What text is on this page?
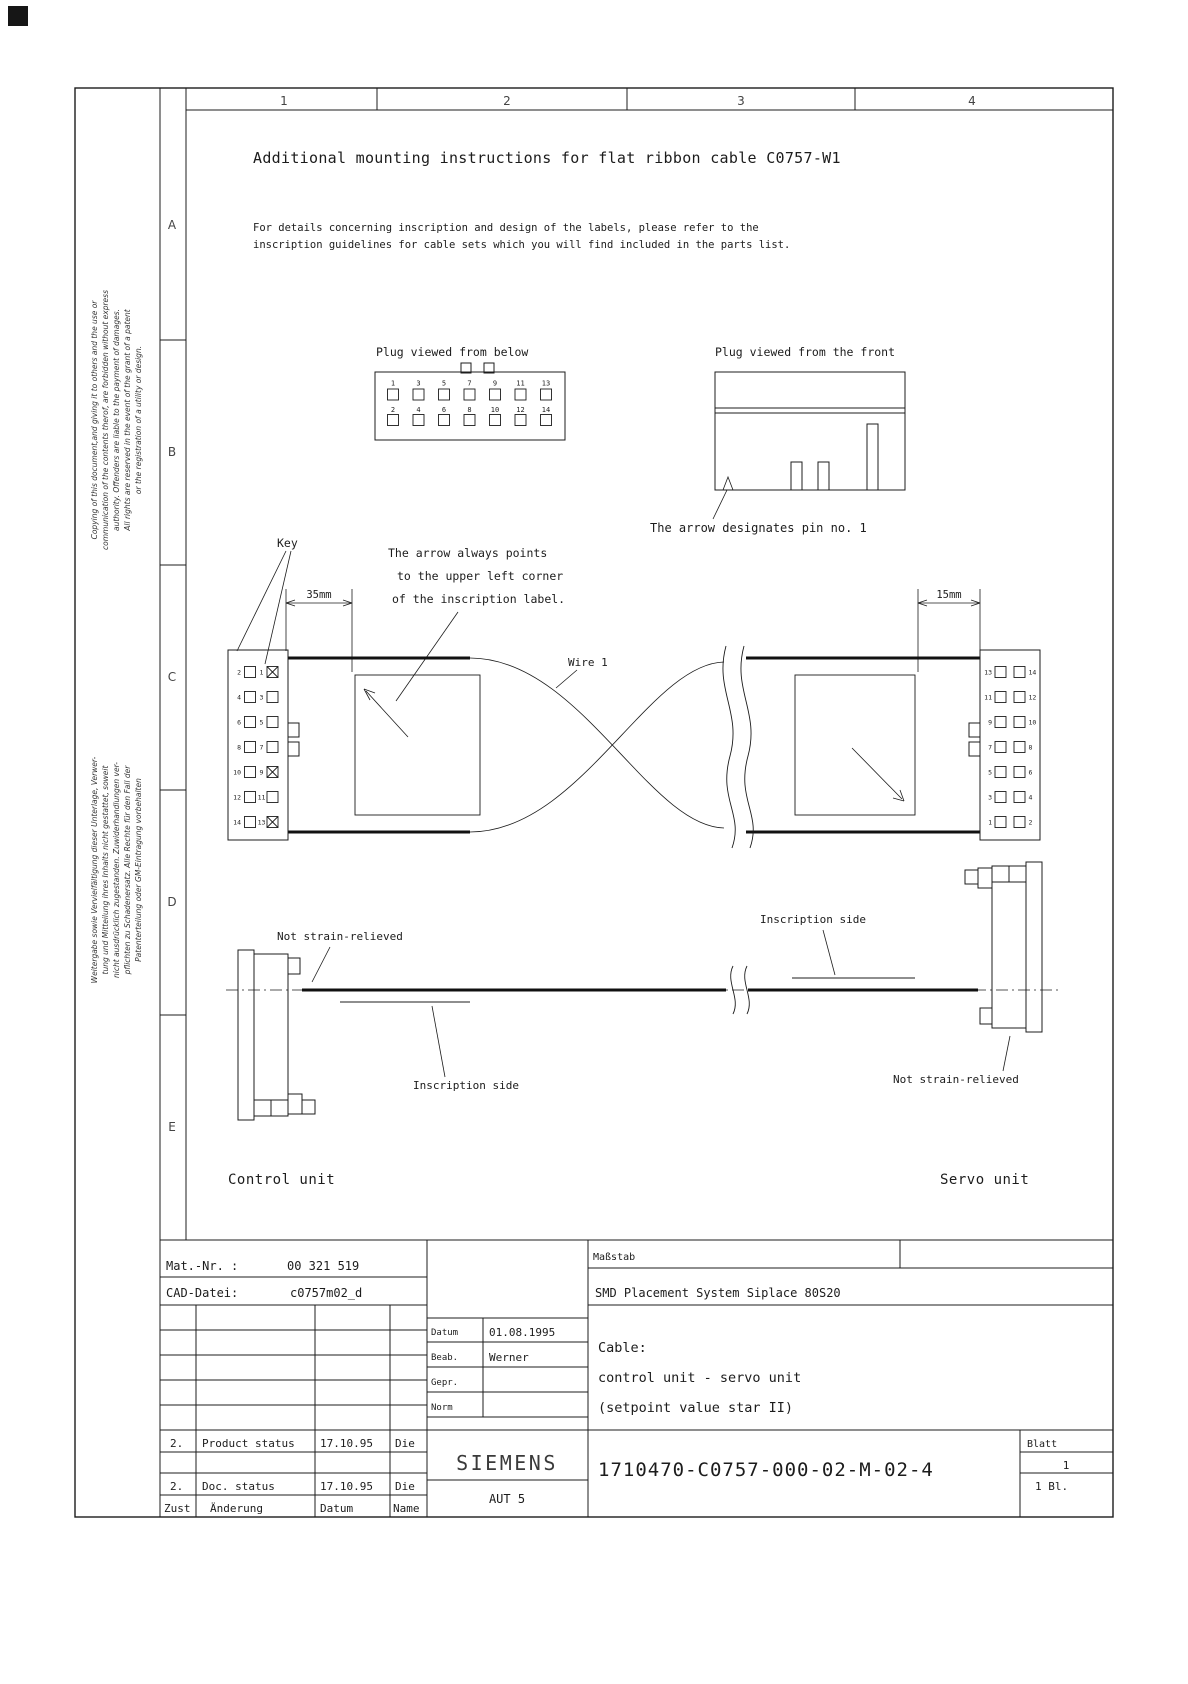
1	2	3	4
A
B
C
D
E
Copying of this document,and giving it to others and the use or communication of the contents therof, are forbidden without express authority. Offenders are liable to the payment of damages. All rights are reserved in the event of the grant of a patent or the registration of a utility or design.
Weitergabe sowie Vervielfältigung dieser Unterlage, Verwer- tung und Mitteilung ihres Inhalts nicht gestattet, soweit nicht ausdrücklich zugestanden. Zuwiderhandlungen ver- pflichten zu Schadenersatz. Alle Rechte für den Fall der Patenterteilung oder GM-Eintragung vorbehalten
Additional mounting instructions for flat ribbon cable C0757-W1
For details concerning inscription and design of the labels, please refer to the
inscription guidelines for cable sets which you will find included in the parts list.
Plug viewed from below
1	3	5	7	9	11 13
2	4	6	8	10 12 14
Plug viewed from the front
The arrow designates pin no. 1
Key
The arrow always points
to the upper left corner
of the inscription label.
35mm	15mm
Wire 1
2	1
4	3
6	5
8	7
10	9
12	11
14	13
13	14
11	12
9	10
7	8
5	6
3	4
1	2
Not strain-relieved
Inscription side
Inscription side	Not strain-relieved
Control unit	Servo unit
Mat.-Nr. :	00 321 519
CAD-Datei:	c0757m02_d
Maßstab
SMD Placement System Siplace 80S20
Datum	01.08.1995
Beab.	Werner
Gepr.
Norm
Cable:
control unit - servo unit
(setpoint value star II)
2. Product status 17.10.95 Die
2. Doc. status	17.10.95 Die
Zust Änderung	Datum	Name
SIEMENS
AUT 5
1710470-C0757-000-02-M-02-4
Blatt
1
1 Bl.
